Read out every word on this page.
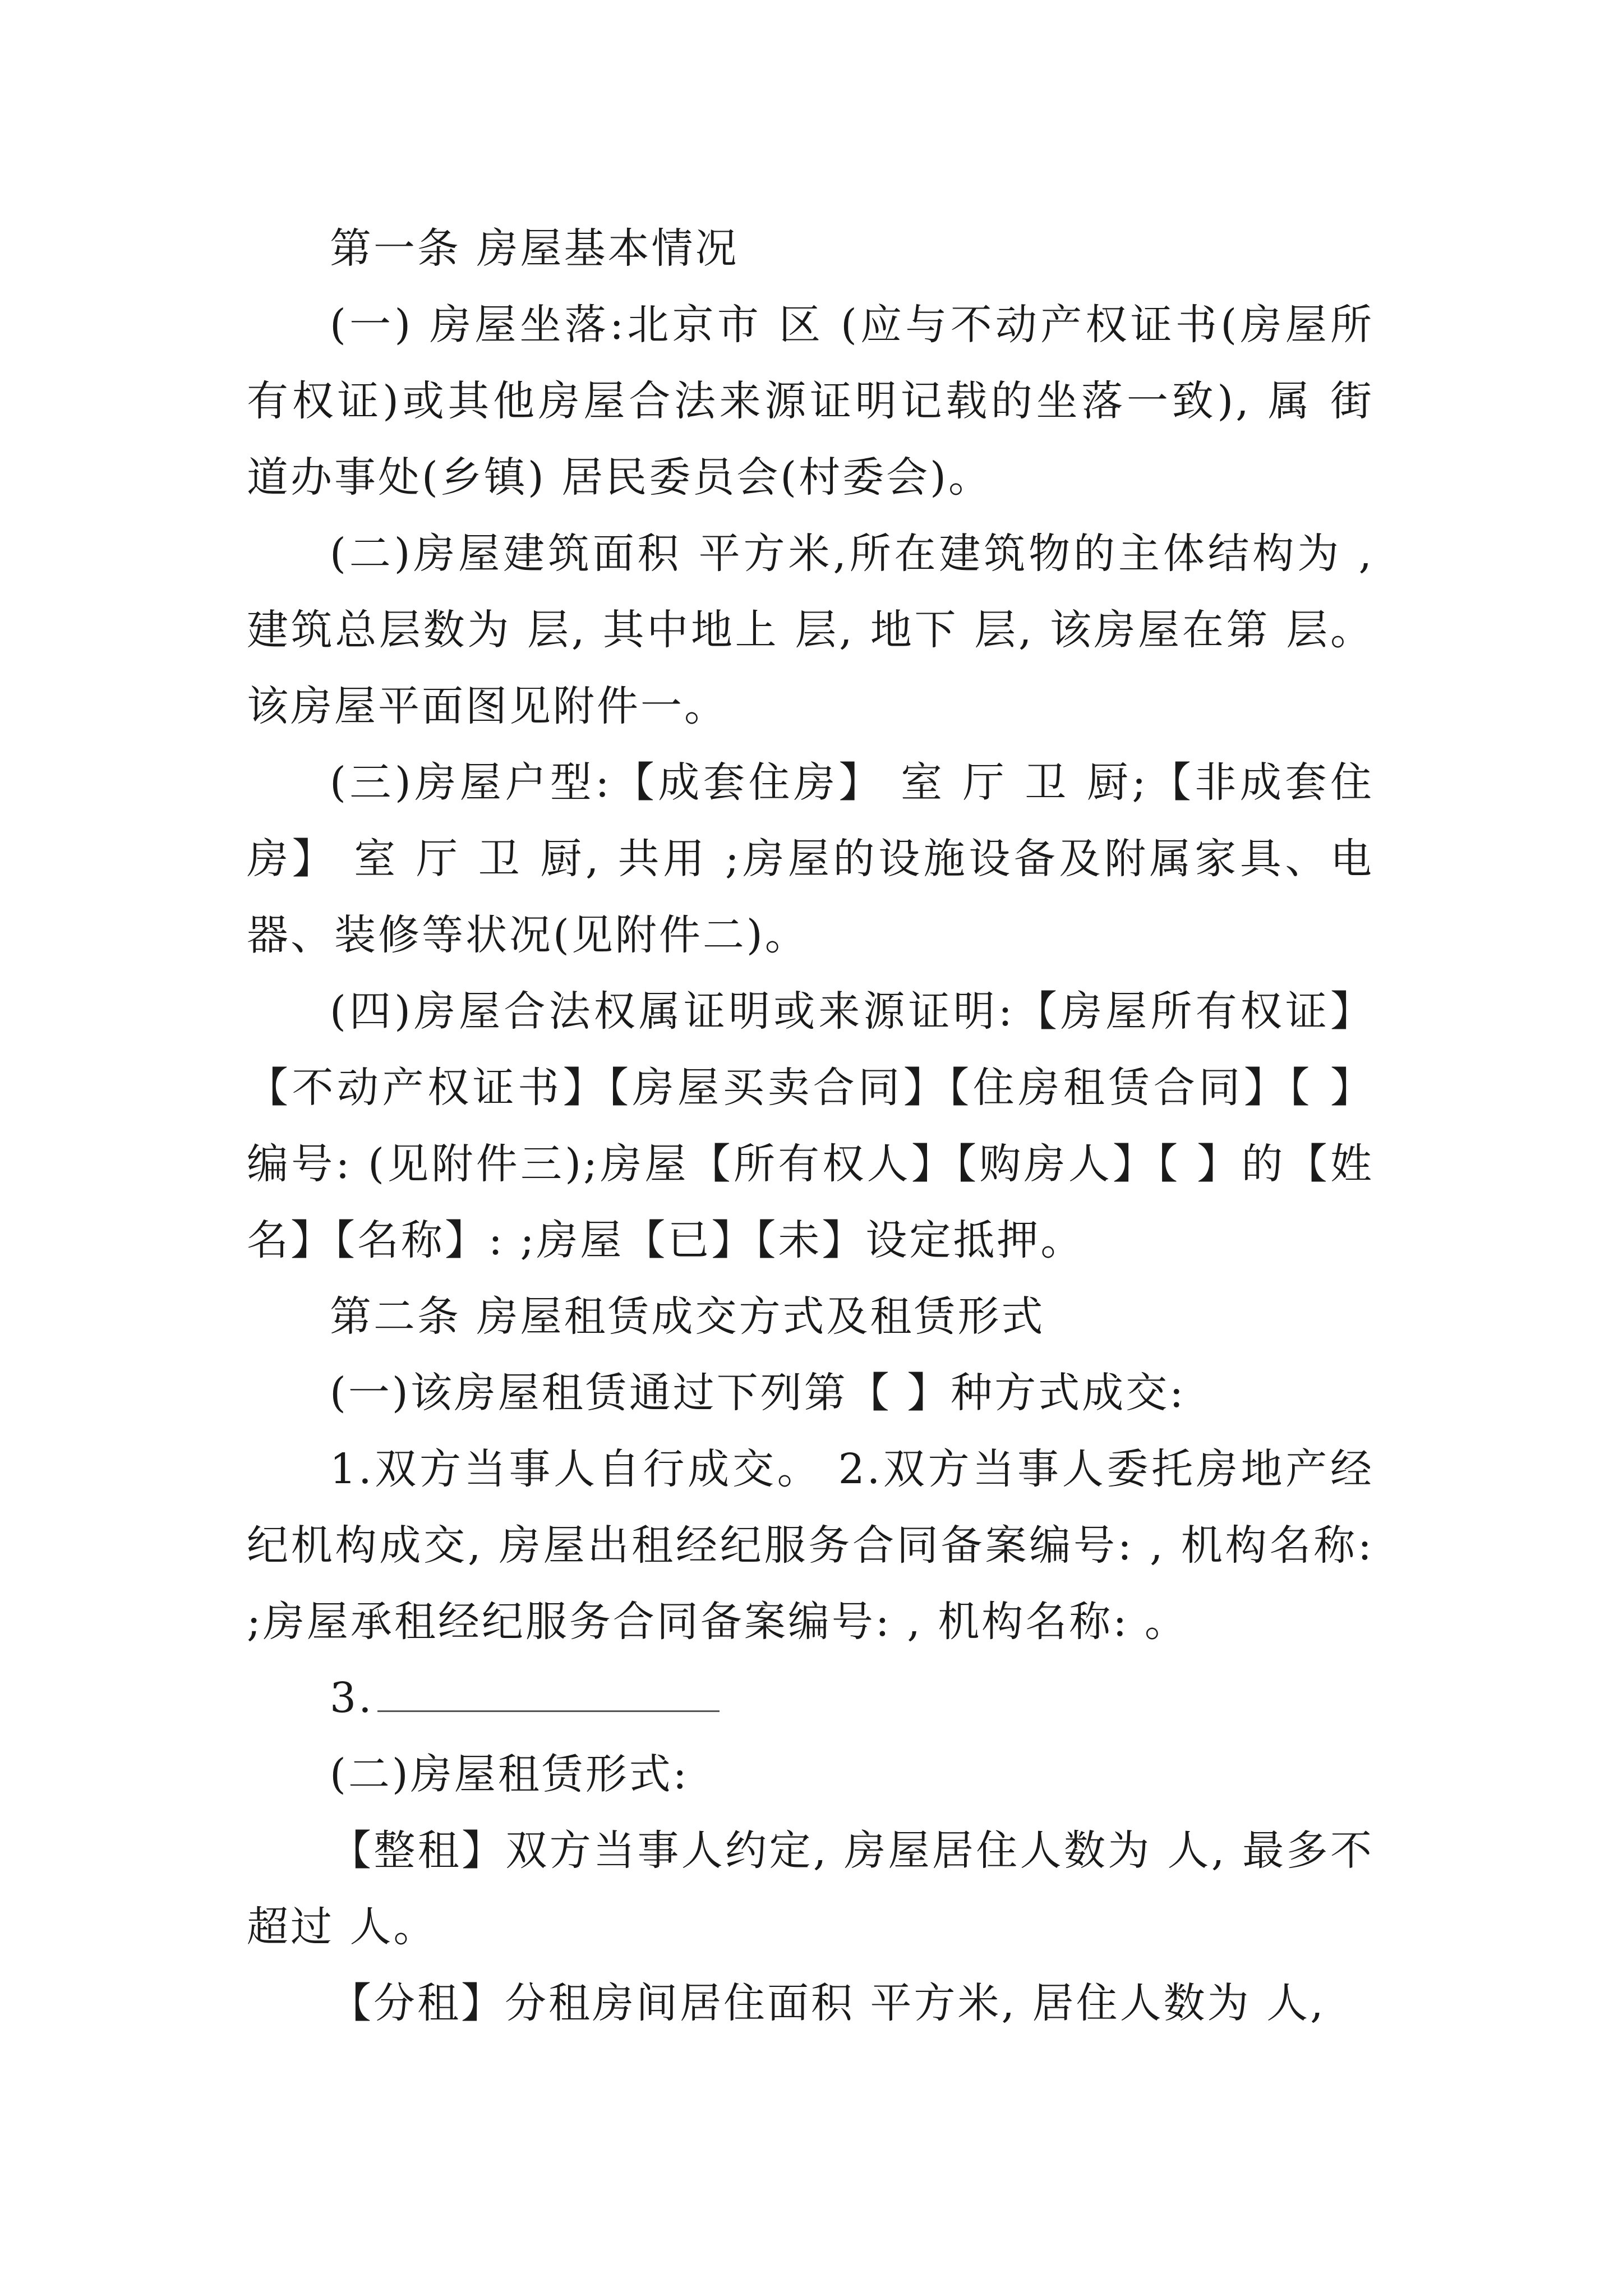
第一条 房屋基本情况

(一) 房屋坐落:北京市 区 (应与不动产权证书(房屋所有权证)或其他房屋合法来源证明记载的坐落一致), 属 街道办事处(乡镇) 居民委员会(村委会)。

(二)房屋建筑面积 平方米,所在建筑物的主体结构为 ,建筑总层数为 层, 其中地上 层, 地下 层, 该房屋在第 层。该房屋平面图见附件一。

(三)房屋户型:【成套住房】 室 厅 卫 厨;【非成套住房】 室 厅 卫 厨, 共用 ;房屋的设施设备及附属家具、电器、装修等状况(见附件二)。

(四)房屋合法权属证明或来源证明:【房屋所有权证】【不动产权证书】【房屋买卖合同】【住房租赁合同】【 】编号: (见附件三);房屋【所有权人】【购房人】【 】的【姓名】【名称】: ;房屋【已】【未】设定抵押。

第二条 房屋租赁成交方式及租赁形式

(一)该房屋租赁通过下列第【 】种方式成交:

1.双方当事人自行成交。 2.双方当事人委托房地产经纪机构成交, 房屋出租经纪服务合同备案编号: , 机构名称: ;房屋承租经纪服务合同备案编号: , 机构名称: 。

3.

(二)房屋租赁形式:

【整租】双方当事人约定, 房屋居住人数为 人, 最多不超过 人。

【分租】分租房间居住面积 平方米, 居住人数为 人,
